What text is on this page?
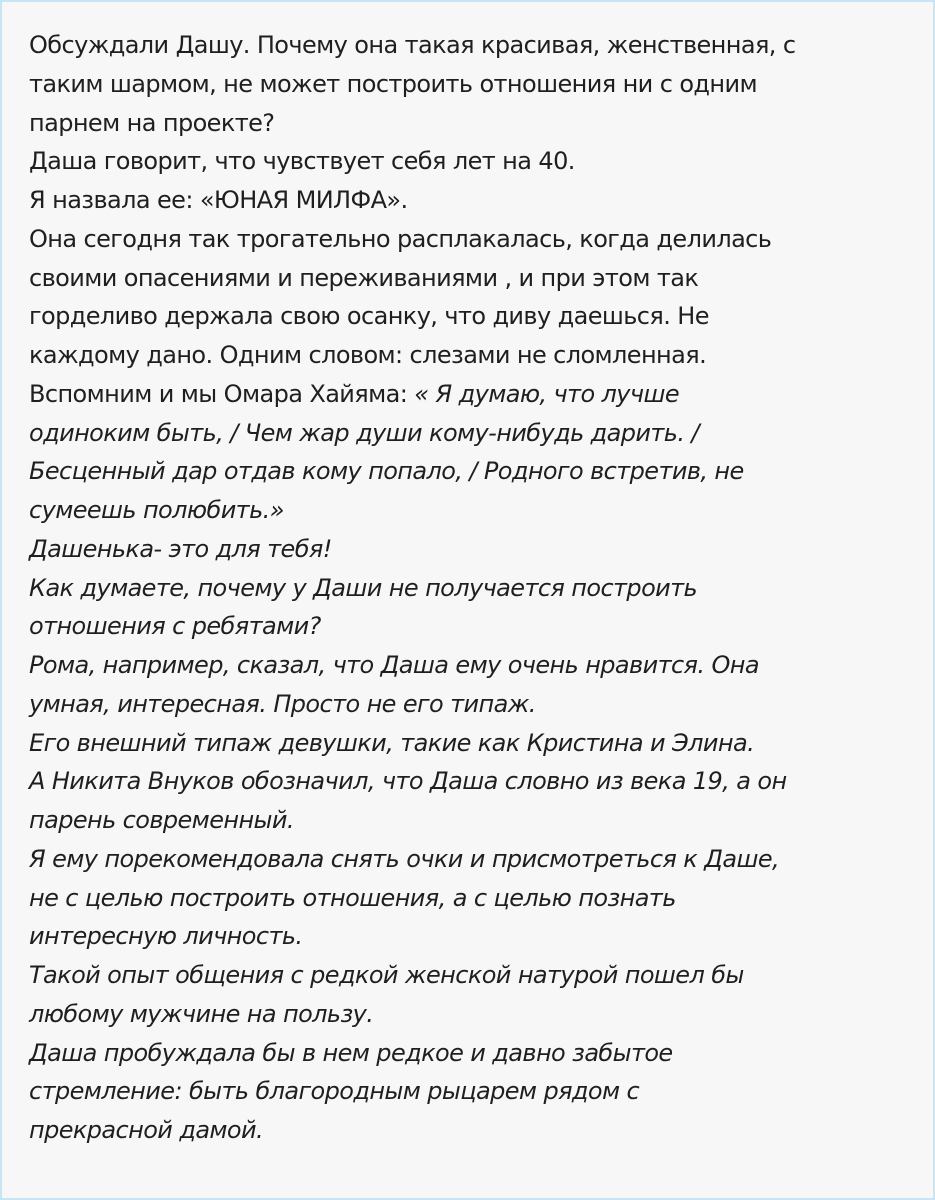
Обсуждали Дашу. Почему она такая красивая, женственная, с
таким шармом, не может построить отношения ни с одним
парнем на проекте?
Даша говорит, что чувствует себя лет на 40.
Я назвала ее: «ЮНАЯ МИЛФА».
Она сегодня так трогательно расплакалась, когда делилась
своими опасениями и переживаниями , и при этом так
горделиво держала свою осанку, что диву даешься. Не
каждому дано. Одним словом: слезами не сломленная.
Вспомним и мы Омара Хайяма: « Я думаю, что лучше
одиноким быть, / Чем жар души кому-нибудь дарить. /
Бесценный дар отдав кому попало, / Родного встретив, не
сумеешь полюбить.»
Дашенька- это для тебя!
Как думаете, почему у Даши не получается построить
отношения с ребятами?
Рома, например, сказал, что Даша ему очень нравится. Она
умная, интересная. Просто не его типаж.
Его внешний типаж девушки, такие как Кристина и Элина.
А Никита Внуков обозначил, что Даша словно из века 19, а он
парень современный.
Я ему порекомендовала снять очки и присмотреться к Даше,
не с целью построить отношения, а с целью познать
интересную личность.
Такой опыт общения с редкой женской натурой пошел бы
любому мужчине на пользу.
Даша пробуждала бы в нем редкое и давно забытое
стремление: быть благородным рыцарем рядом с
прекрасной дамой.
